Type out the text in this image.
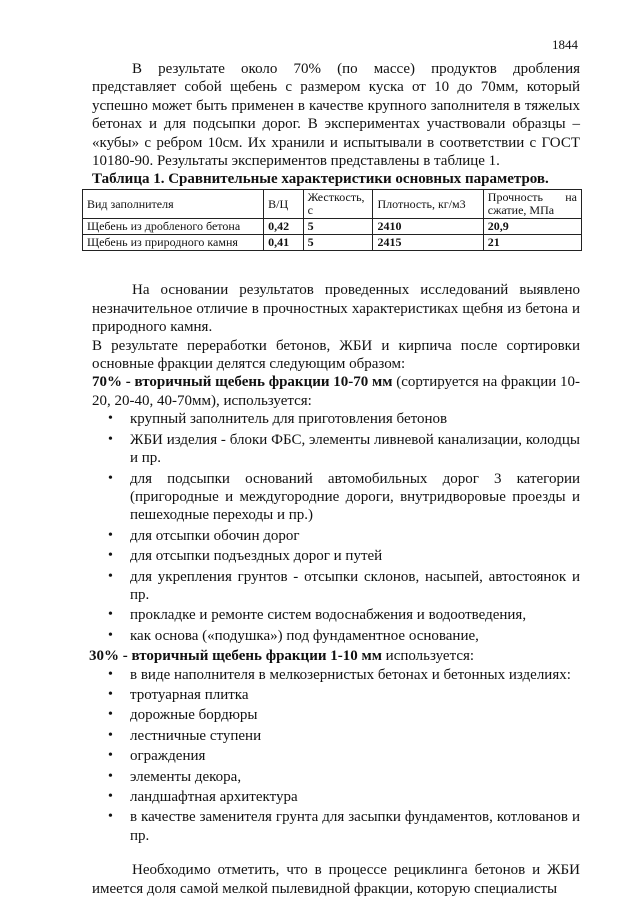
1844

В результате около 70% (по массе) продуктов дробления представляет собой щебень с размером куска от 10 до 70мм, который успешно может быть применен в качестве крупного заполнителя в тяжелых бетонах и для подсыпки дорог. В экспериментах участвовали образцы – «кубы» с ребром 10см. Их хранили и испытывали в соответствии с ГОСТ 10180-90. Результаты экспериментов представлены в таблице 1.

Таблица 1. Сравнительные характеристики основных параметров.
Вид заполнителя	В/Ц	Жесткость, с	Плотность, кг/м3	Прочность на сжатие, МПа
Щебень из дробленого бетона	0,42	5	2410	20,9
Щебень из природного камня	0,41	5	2415	21

На основании результатов проведенных исследований выявлено незначительное отличие в прочностных характеристиках щебня из бетона и природного камня.

В результате переработки бетонов, ЖБИ и кирпича после сортировки основные фракции делятся следующим образом:

70% - вторичный щебень фракции 10-70 мм (сортируется на фракции 10-20, 20-40, 40-70мм), используется:

• крупный заполнитель для приготовления бетонов
• ЖБИ изделия - блоки ФБС, элементы ливневой канализации, колодцы и пр.
• для подсыпки оснований автомобильных дорог 3 категории (пригородные и междугородние дороги, внутридворовые проезды и пешеходные переходы и пр.)
• для отсыпки обочин дорог
• для отсыпки подъездных дорог и путей
• для укрепления грунтов - отсыпки склонов, насыпей, автостоянок и пр.
• прокладке и ремонте систем водоснабжения и водоотведения,
• как основа («подушка») под фундаментное основание,

30% - вторичный щебень фракции 1-10 мм используется:

• в виде наполнителя в мелкозернистых бетонах и бетонных изделиях:
• тротуарная плитка
• дорожные бордюры
• лестничные ступени
• ограждения
• элементы декора,
• ландшафтная архитектура
• в качестве заменителя грунта для засыпки фундаментов, котлованов и пр.

Необходимо отметить, что в процессе рециклинга бетонов и ЖБИ имеется доля самой мелкой пылевидной фракции, которую специалисты
